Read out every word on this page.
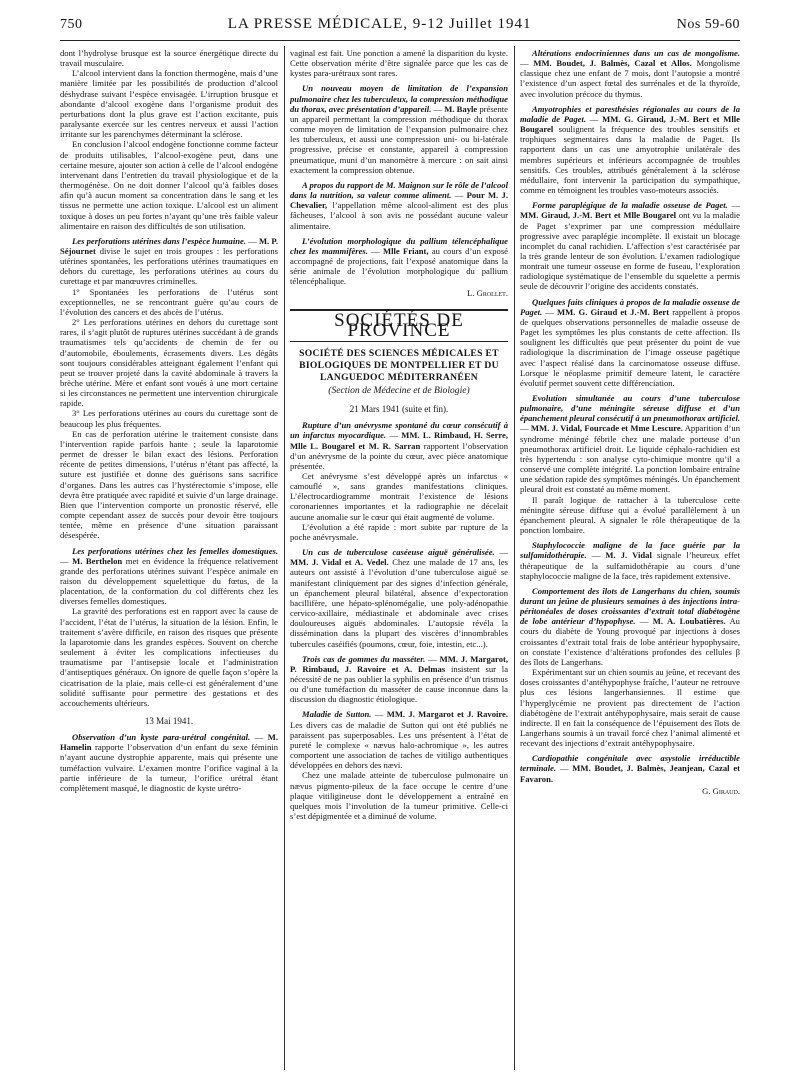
750	LA PRESSE MÉDICALE, 9-12 Juillet 1941	Nos 59-60

dont l’hydrolyse brusque est la source énergétique directe du travail musculaire.

L’alcool intervient dans la fonction thermogène, mais d’une manière limitée par les possibilités de production d’alcool déshydrase suivant l’espèce envisagée. L’irruption brusque et abondante d’alcool exogène dans l’organisme produit des perturbations dont la plus grave est l’action excitante, puis paralysante exercée sur les centres nerveux et aussi l’action irritante sur les parenchymes déterminant la sclérose.

En conclusion l’alcool endogène fonctionne comme facteur de produits utilisables, l’alcool-exogène peut, dans une certaine mesure, ajouter son action à celle de l’alcool endogène intervenant dans l’entretien du travail physiologique et de la thermogénèse. On ne doit donner l’alcool qu’à faibles doses afin qu’à aucun moment sa concentration dans le sang et les tissus ne permette une action toxique. L’alcool est un aliment toxique à doses un peu fortes n’ayant qu’une très faible valeur alimentaire en raison des difficultés de son utilisation.

Les perforations utérines dans l’espèce humaine. — M. P. Séjournet divise le sujet en trois groupes : les perforations utérines spontanées, les perforations utérines traumatiques en dehors du curettage, les perforations utérines au cours du curettage et par manœuvres criminelles.

1° Spontanées les perforations de l’utérus sont exceptionnelles, ne se rencontrant guère qu’au cours de l’évolution des cancers et des abcès de l’utérus.

2° Les perforations utérines en dehors du curettage sont rares, il s’agit plutôt de ruptures utérines succédant à de grands traumatismes tels qu’accidents de chemin de fer ou d’automobile, éboulements, écrasements divers. Les dégâts sont toujours considérables atteignant également l’enfant qui peut se trouver projeté dans la cavité abdominale à travers la brèche utérine. Mère et enfant sont voués à une mort certaine si les circonstances ne permettent une intervention chirurgicale rapide.

3° Les perforations utérines au cours du curettage sont de beaucoup les plus fréquentes.

En cas de perforation utérine le traitement consiste dans l’intervention rapide parfois hante ; seule la laparotomie permet de dresser le bilan exact des lésions. Perforation récente de petites dimensions, l’utérus n’étant pas affecté, la suture est justifiée et donne des guérisons sans sacrifice d’organes. Dans les autres cas l’hystérectomie s’impose, elle devra être pratiquée avec rapidité et suivie d’un large drainage. Bien que l’intervention comporte un pronostic réservé, elle compte cependant assez de succès pour devoir être toujours tentée, même en présence d’une situation paraissant désespérée.

Les perforations utérines chez les femelles domestiques. — M. Berthelon met en évidence la fréquence relativement grande des perforations utérines suivant l’espèce animale en raison du développement squelettique du fœtus, de la placentation, de la conformation du col différents chez les diverses femelles domestiques.

La gravité des perforations est en rapport avec la cause de l’accident, l’état de l’utérus, la situation de la lésion. Enfin, le traitement s’avère difficile, en raison des risques que présente la laparotomie dans les grandes espèces. Souvent on cherche seulement à éviter les complications infectieuses du traumatisme par l’antisepsie locale et l’administration d’antiseptiques généraux. On ignore de quelle façon s’opère la cicatrisation de la plaie, mais celle-ci est généralement d’une solidité suffisante pour permettre des gestations et des accouchements ultérieurs.

13 Mai 1941.

Observation d’un kyste para-urétral congénital. — M. Hamelin rapporte l’observation d’un enfant du sexe féminin n’ayant aucune dystrophie apparente, mais qui présente une tuméfaction vulvaire. L’examen montre l’orifice vaginal à la partie inférieure de la tumeur, l’orifice urétral étant complètement masqué, le diagnostic de kyste urétro-

vaginal est fait. Une ponction a amené la disparition du kyste. Cette observation mérite d’être signalée parce que les cas de kystes para-urétraux sont rares.

Un nouveau moyen de limitation de l’expansion pulmonaire chez les tuberculeux, la compression méthodique du thorax, avec présentation d’appareil. — M. Bayle présente un appareil permettant la compression méthodique du thorax comme moyen de limitation de l’expansion pulmonaire chez les tuberculeux, et aussi une compression uni- ou bi-latérale progressive, précise et constante, appareil à compression pneumatique, muni d’un manomètre à mercure : on sait ainsi exactement la compression obtenue.

A propos du rapport de M. Maignon sur le rôle de l’alcool dans la nutrition, sa valeur comme aliment. — Pour M. J. Chevalier, l’appellation même alcool-aliment est des plus fâcheuses, l’alcool à son avis ne possédant aucune valeur alimentaire.

L’évolution morphologique du pallium télencéphalique chez les mammifères. — Mlle Friant, au cours d’un exposé accompagné de projections, fait l’exposé anatomique dans la série animale de l’évolution morphologique du pallium télencéphalique.

L. Grollet.

SOCIÉTÉS DE PROVINCE

SOCIÉTÉ DES SCIENCES MÉDICALES ET BIOLOGIQUES DE MONTPELLIER ET DU LANGUEDOC MÉDITERRANÉEN

(Section de Médecine et de Biologie)

21 Mars 1941 (suite et fin).

Rupture d’un anévrysme spontané du cœur consécutif à un infarctus myocardique. — MM. L. Rimbaud, H. Serre, Mlle L. Bougarel et M. R. Sarran rapportent l’observation d’un anévrysme de la pointe du cœur, avec pièce anatomique présentée.

Cet anévrysme s’est développé après un infarctus « camouflé », sans grandes manifestations cliniques. L’électrocardiogramme montrait l’existence de lésions coronariennes importantes et la radiographie ne décelait aucune anomalie sur le cœur qui était augmenté de volume.

L’évolution a été rapide : mort subite par rupture de la poche anévrysmale.

Un cas de tuberculose caséeuse aiguë généralisée. — MM. J. Vidal et A. Vedel. Chez une malade de 17 ans, les auteurs ont assisté à l’évolution d’une tuberculose aiguë se manifestant cliniquement par des signes d’infection générale, un épanchement pleural bilatéral, absence d’expectoration bacillifère, une hépato-splénomégalie, une poly-adénopathie cervico-axillaire, médiastinale et abdominale avec crises douloureuses aiguës abdominales. L’autopsie révéla la dissémination dans la plupart des viscères d’innombrables tubercules caséifiés (poumons, cœur, foie, intestin, etc...).

Trois cas de gommes du masséter. — MM. J. Margarot, P. Rimbaud, J. Ravoire et A. Delmas insistent sur la nécessité de ne pas oublier la syphilis en présence d’un trismus ou d’une tuméfaction du masséter de cause inconnue dans la discussion du diagnostic étiologique.

Maladie de Sutton. — MM. J. Margarot et J. Ravoire. Les divers cas de maladie de Sutton qui ont été publiés ne paraissent pas superposables. Les uns présentent à l’état de pureté le complexe « nævus halo-achromique », les autres comportent une association de taches de vitiligo authentiques développées en dehors des nævi.

Chez une malade atteinte de tuberculose pulmonaire un nævus pigmento-pileux de la face occupe le centre d’une plaque vitiligineuse dont le développement a entraîné en quelques mois l’involution de la tumeur primitive. Celle-ci s’est dépigmentée et a diminué de volume.

Altérations endocriniennes dans un cas de mongolisme. — MM. Boudet, J. Balmès, Cazal et Allos. Mongolisme classique chez une enfant de 7 mois, dont l’autopsie a montré l’existence d’un aspect fœtal des surrénales et de la thyroïde, avec involution précoce du thymus.

Amyotrophies et paresthésies régionales au cours de la maladie de Paget. — MM. G. Giraud, J.-M. Bert et Mlle Bougarel soulignent la fréquence des troubles sensitifs et trophiques segmentaires dans la maladie de Paget. Ils rapportent dans un cas une amyotrophie unilatérale des membres supérieurs et inférieurs accompagnée de troubles sensitifs. Ces troubles, attribués généralement à la sclérose médullaire, font intervenir la participation du sympathique, comme en témoignent les troubles vaso-moteurs associés.

Forme paraplégique de la maladie osseuse de Paget. — MM. Giraud, J.-M. Bert et Mlle Bougarel ont vu la maladie de Paget s’exprimer par une compression médullaire progressive avec paraplégie incomplète. Il existait un blocage incomplet du canal rachidien. L’affection s’est caractérisée par la très grande lenteur de son évolution. L’examen radiologique montrait une tumeur osseuse en forme de fuseau, l’exploration radiologique systématique de l’ensemble du squelette a permis seule de découvrir l’origine des accidents constatés.

Quelques faits cliniques à propos de la maladie osseuse de Paget. — MM. G. Giraud et J.-M. Bert rappellent à propos de quelques observations personnelles de maladie osseuse de Paget les symptômes les plus constants de cette affection. Ils soulignent les difficultés que peut présenter du point de vue radiologique la discrimination de l’image osseuse pagétique avec l’aspect réalisé dans la carcinomatose osseuse diffuse. Lorsque le néoplasme primitif demeure latent, le caractère évolutif permet souvent cette différenciation.

Evolution simultanée au cours d’une tuberculose pulmonaire, d’une méningite séreuse diffuse et d’un épanchement pleural consécutif à un pneumothorax artificiel. — MM. J. Vidal, Fourcade et Mme Lescure. Apparition d’un syndrome méningé fébrile chez une malade porteuse d’un pneumothorax artificiel droit. Le liquide céphalo-rachidien est très hypertendu : son analyse cyto-chimique montre qu’il a conservé une complète intégrité. La ponction lombaire entraîne une sédation rapide des symptômes méningés. Un épanchement pleural droit est constaté au même moment.

Il paraît logique de rattacher à la tuberculose cette méningite séreuse diffuse qui a évolué parallèlement à un épanchement pleural. A signaler le rôle thérapeutique de la ponction lombaire.

Staphylococcie maligne de la face guérie par la sulfamidothérapie. — M. J. Vidal signale l’heureux effet thérapeutique de la sulfamidothérapie au cours d’une staphylococcie maligne de la face, très rapidement extensive.

Comportement des îlots de Langerhans du chien, soumis durant un jeûne de plusieurs semaines à des injections intra-péritonéales de doses croissantes d’extrait total diabétogène de lobe antérieur d’hypophyse. — M. A. Loubatières. Au cours du diabète de Young provoqué par injections à doses croissantes d’extrait total frais de lobe antérieur hypophysaire, on constate l’existence d’altérations profondes des cellules β des îlots de Langerhans.

Expérimentant sur un chien soumis au jeûne, et recevant des doses croissantes d’antéhypophyse fraîche, l’auteur ne retrouve plus ces lésions langerhansiennes. Il estime que l’hyperglycémie ne provient pas directement de l’action diabétogène de l’extrait antéhypophysaire, mais serait de cause indirecte. Il en fait la conséquence de l’épuisement des îlots de Langerhans soumis à un travail forcé chez l’animal alimenté et recevant des injections d’extrait antéhypophysaire.

Cardiopathie congénitale avec asystolie irréductible terminale. — MM. Boudet, J. Balmès, Jeanjean, Cazal et Favaron.

G. Giraud.
